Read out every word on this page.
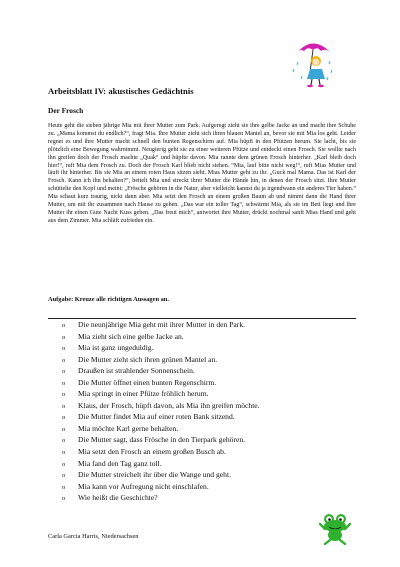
Arbeitsblatt IV: akustisches Gedächtnis
Der Frosch
Heute geht die sieben jährige Mia mit ihrer Mutter zum Park. Aufgeregt zieht sie ihre gelbe Jacke an und macht ihre Schuhe zu. „Mama kommst du endlich?“, fragt Mia. Ihre Mutter zieht sich ihren blauen Mantel an, bevor sie mit Mia los geht. Leider regnet es und ihre Mutter macht schnell den bunten Regenschirm auf. Mia hüpft in den Pfützen herum. Sie lacht, bis sie plötzlich eine Bewegung wahrnimmt. Neugierig geht sie zu einer weiteren Pfütze und entdeckt einen Frosch. Sie wollte nach ihn greifen doch der Frosch machte „Quak“ und hüpfte davon. Mia rannte dem grünen Frosch hinterher. „Karl bleib doch hier!“, ruft Mia dem Frosch zu. Doch der Frosch Karl blieb nicht stehen. “Mia, lauf bitte nicht weg!“, ruft Mias Mutter und läuft ihr hinterher. Bis sie Mia an einem roten Haus sitzen sieht. Mias Mutter geht zu ihr. „Guck mal Mama. Das ist Karl der Frosch. Kann ich ihn behalten?“, bettelt Mia und streckt ihrer Mutter die Hände hin, in denen der Frosch sitzt. Ihre Mutter schüttelte den Kopf und meint: „Frösche gehören in die Natur, aber vielleicht kannst du ja irgendwann ein anderes Tier haben.“ Mia schaut kurz traurig, nickt dann aber. Mia setzt den Frosch an einem großen Baum ab und nimmt dann die Hand ihrer Mutter, um mit ihr zusammen nach Hause zu gehen. „Das war ein toller Tag“, schwärmt Mia, als sie im Bett liegt und ihre Mutter ihr einen Gute Nacht Kuss geben. „Das freut mich“, antwortet ihre Mutter, drückt nochmal sanft Mias Hand und geht aus dem Zimmer. Mia schläft zufrieden ein.
Aufgabe: Kreuze alle richtigen Aussagen an.
o	Die neunjährige Mia geht mit ihrer Mutter in den Park.
o	Mia zieht sich eine gelbe Jacke an.
o	Mia ist ganz ungeduldig.
o	Die Mutter zieht sich ihren grünen Mantel an.
o	Draußen ist strahlender Sonnenschein.
o	Die Mutter öffnet einen bunten Regenschirm.
o	Mia springt in einer Pfütze fröhlich herum.
o	Klaus, der Frosch, hüpft davon, als Mia ihn greifen möchte.
o	Die Mutter findet Mia auf einer roten Bank sitzend.
o	Mia möchte Karl gerne behalten.
o	Die Mutter sagt, dass Frösche in den Tierpark gehören.
o	Mia setzt den Frosch an einem großen Busch ab.
o	Mia fand den Tag ganz toll.
o	Die Mutter streichelt ihr über die Wange und geht.
o	Mia kann vor Aufregung nicht einschlafen.
o	Wie heißt die Geschichte?
Carla Garcia Harris, Niedersachsen
